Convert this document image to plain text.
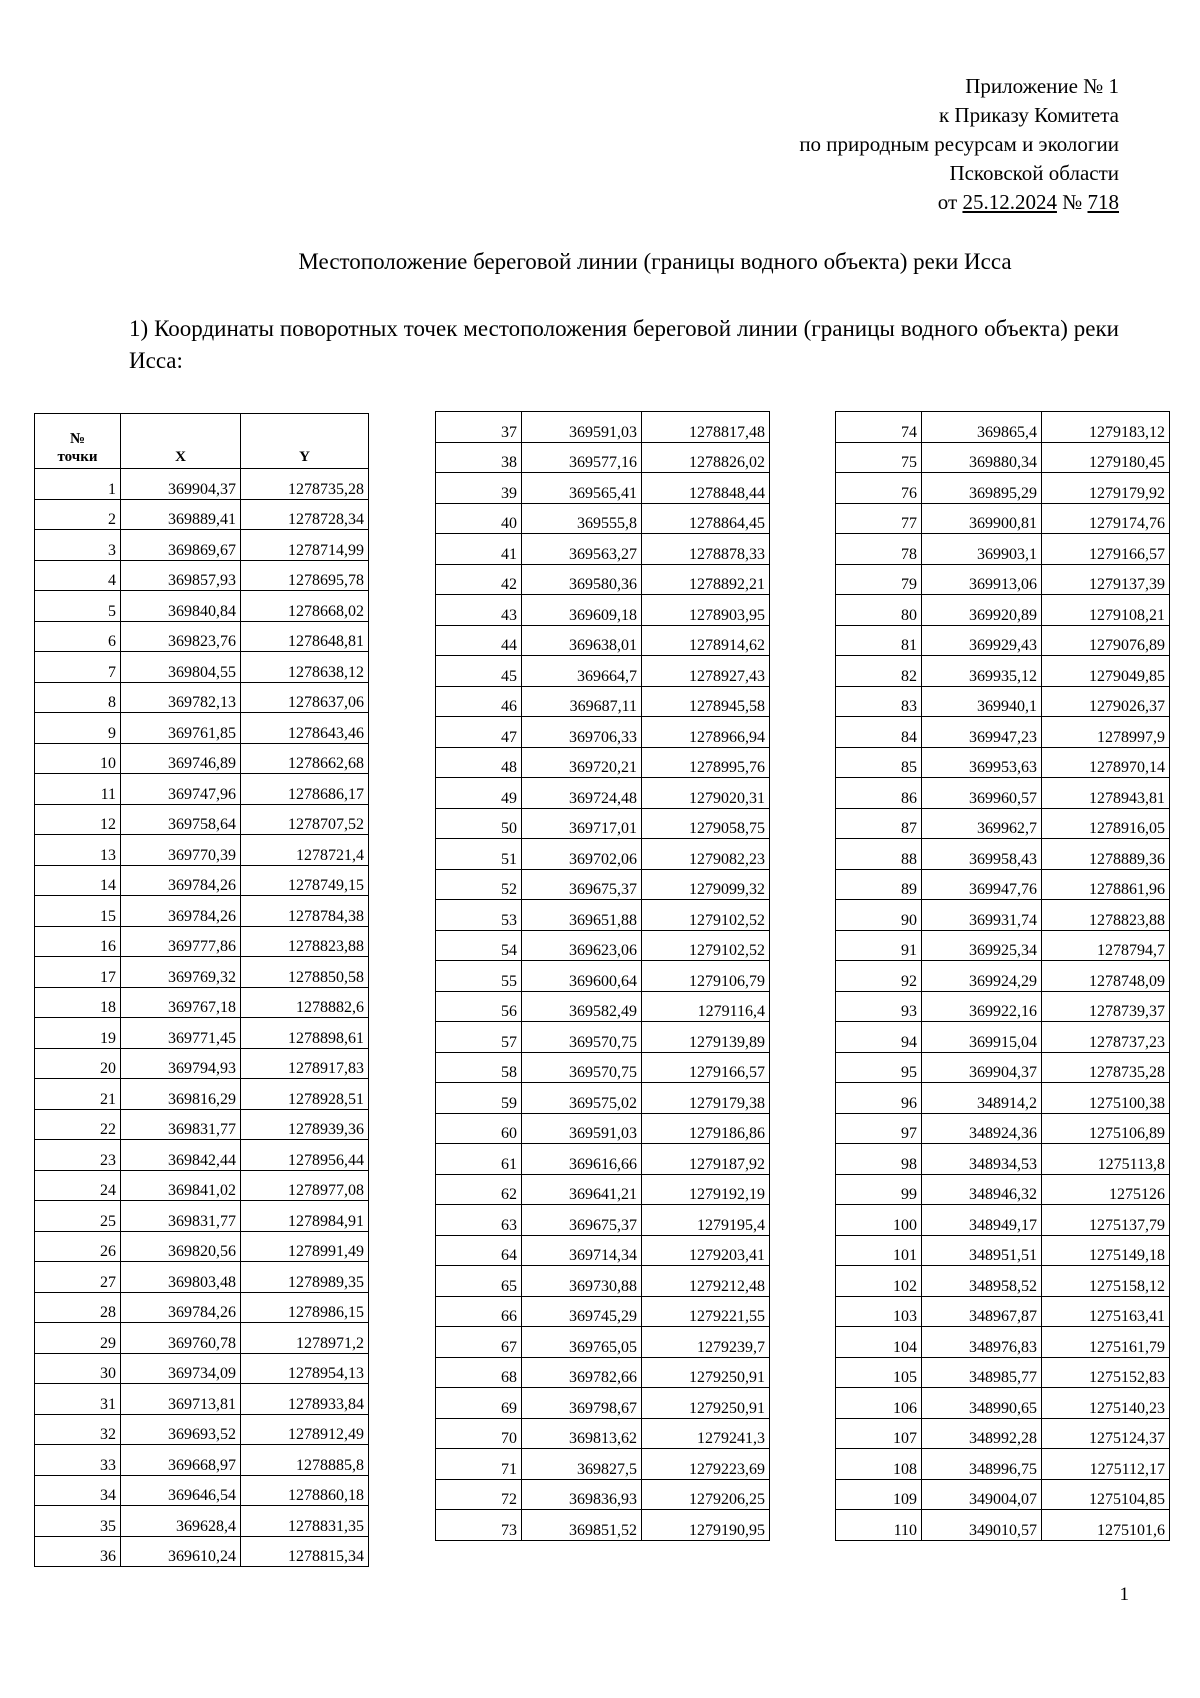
Приложение № 1
к Приказу Комитета
по природным ресурсам и экологии
Псковской области
от 25.12.2024 № 718
Местоположение береговой линии (границы водного объекта) реки Исса
1) Координаты поворотных точек местоположения береговой линии (границы водного объекта) реки Исса:
№
точки	X	Y
1	369904,37	1278735,28
2	369889,41	1278728,34
3	369869,67	1278714,99
4	369857,93	1278695,78
5	369840,84	1278668,02
6	369823,76	1278648,81
7	369804,55	1278638,12
8	369782,13	1278637,06
9	369761,85	1278643,46
10	369746,89	1278662,68
11	369747,96	1278686,17
12	369758,64	1278707,52
13	369770,39	1278721,4
14	369784,26	1278749,15
15	369784,26	1278784,38
16	369777,86	1278823,88
17	369769,32	1278850,58
18	369767,18	1278882,6
19	369771,45	1278898,61
20	369794,93	1278917,83
21	369816,29	1278928,51
22	369831,77	1278939,36
23	369842,44	1278956,44
24	369841,02	1278977,08
25	369831,77	1278984,91
26	369820,56	1278991,49
27	369803,48	1278989,35
28	369784,26	1278986,15
29	369760,78	1278971,2
30	369734,09	1278954,13
31	369713,81	1278933,84
32	369693,52	1278912,49
33	369668,97	1278885,8
34	369646,54	1278860,18
35	369628,4	1278831,35
36	369610,24	1278815,34
37	369591,03	1278817,48
38	369577,16	1278826,02
39	369565,41	1278848,44
40	369555,8	1278864,45
41	369563,27	1278878,33
42	369580,36	1278892,21
43	369609,18	1278903,95
44	369638,01	1278914,62
45	369664,7	1278927,43
46	369687,11	1278945,58
47	369706,33	1278966,94
48	369720,21	1278995,76
49	369724,48	1279020,31
50	369717,01	1279058,75
51	369702,06	1279082,23
52	369675,37	1279099,32
53	369651,88	1279102,52
54	369623,06	1279102,52
55	369600,64	1279106,79
56	369582,49	1279116,4
57	369570,75	1279139,89
58	369570,75	1279166,57
59	369575,02	1279179,38
60	369591,03	1279186,86
61	369616,66	1279187,92
62	369641,21	1279192,19
63	369675,37	1279195,4
64	369714,34	1279203,41
65	369730,88	1279212,48
66	369745,29	1279221,55
67	369765,05	1279239,7
68	369782,66	1279250,91
69	369798,67	1279250,91
70	369813,62	1279241,3
71	369827,5	1279223,69
72	369836,93	1279206,25
73	369851,52	1279190,95
74	369865,4	1279183,12
75	369880,34	1279180,45
76	369895,29	1279179,92
77	369900,81	1279174,76
78	369903,1	1279166,57
79	369913,06	1279137,39
80	369920,89	1279108,21
81	369929,43	1279076,89
82	369935,12	1279049,85
83	369940,1	1279026,37
84	369947,23	1278997,9
85	369953,63	1278970,14
86	369960,57	1278943,81
87	369962,7	1278916,05
88	369958,43	1278889,36
89	369947,76	1278861,96
90	369931,74	1278823,88
91	369925,34	1278794,7
92	369924,29	1278748,09
93	369922,16	1278739,37
94	369915,04	1278737,23
95	369904,37	1278735,28
96	348914,2	1275100,38
97	348924,36	1275106,89
98	348934,53	1275113,8
99	348946,32	1275126
100	348949,17	1275137,79
101	348951,51	1275149,18
102	348958,52	1275158,12
103	348967,87	1275163,41
104	348976,83	1275161,79
105	348985,77	1275152,83
106	348990,65	1275140,23
107	348992,28	1275124,37
108	348996,75	1275112,17
109	349004,07	1275104,85
110	349010,57	1275101,6
1
